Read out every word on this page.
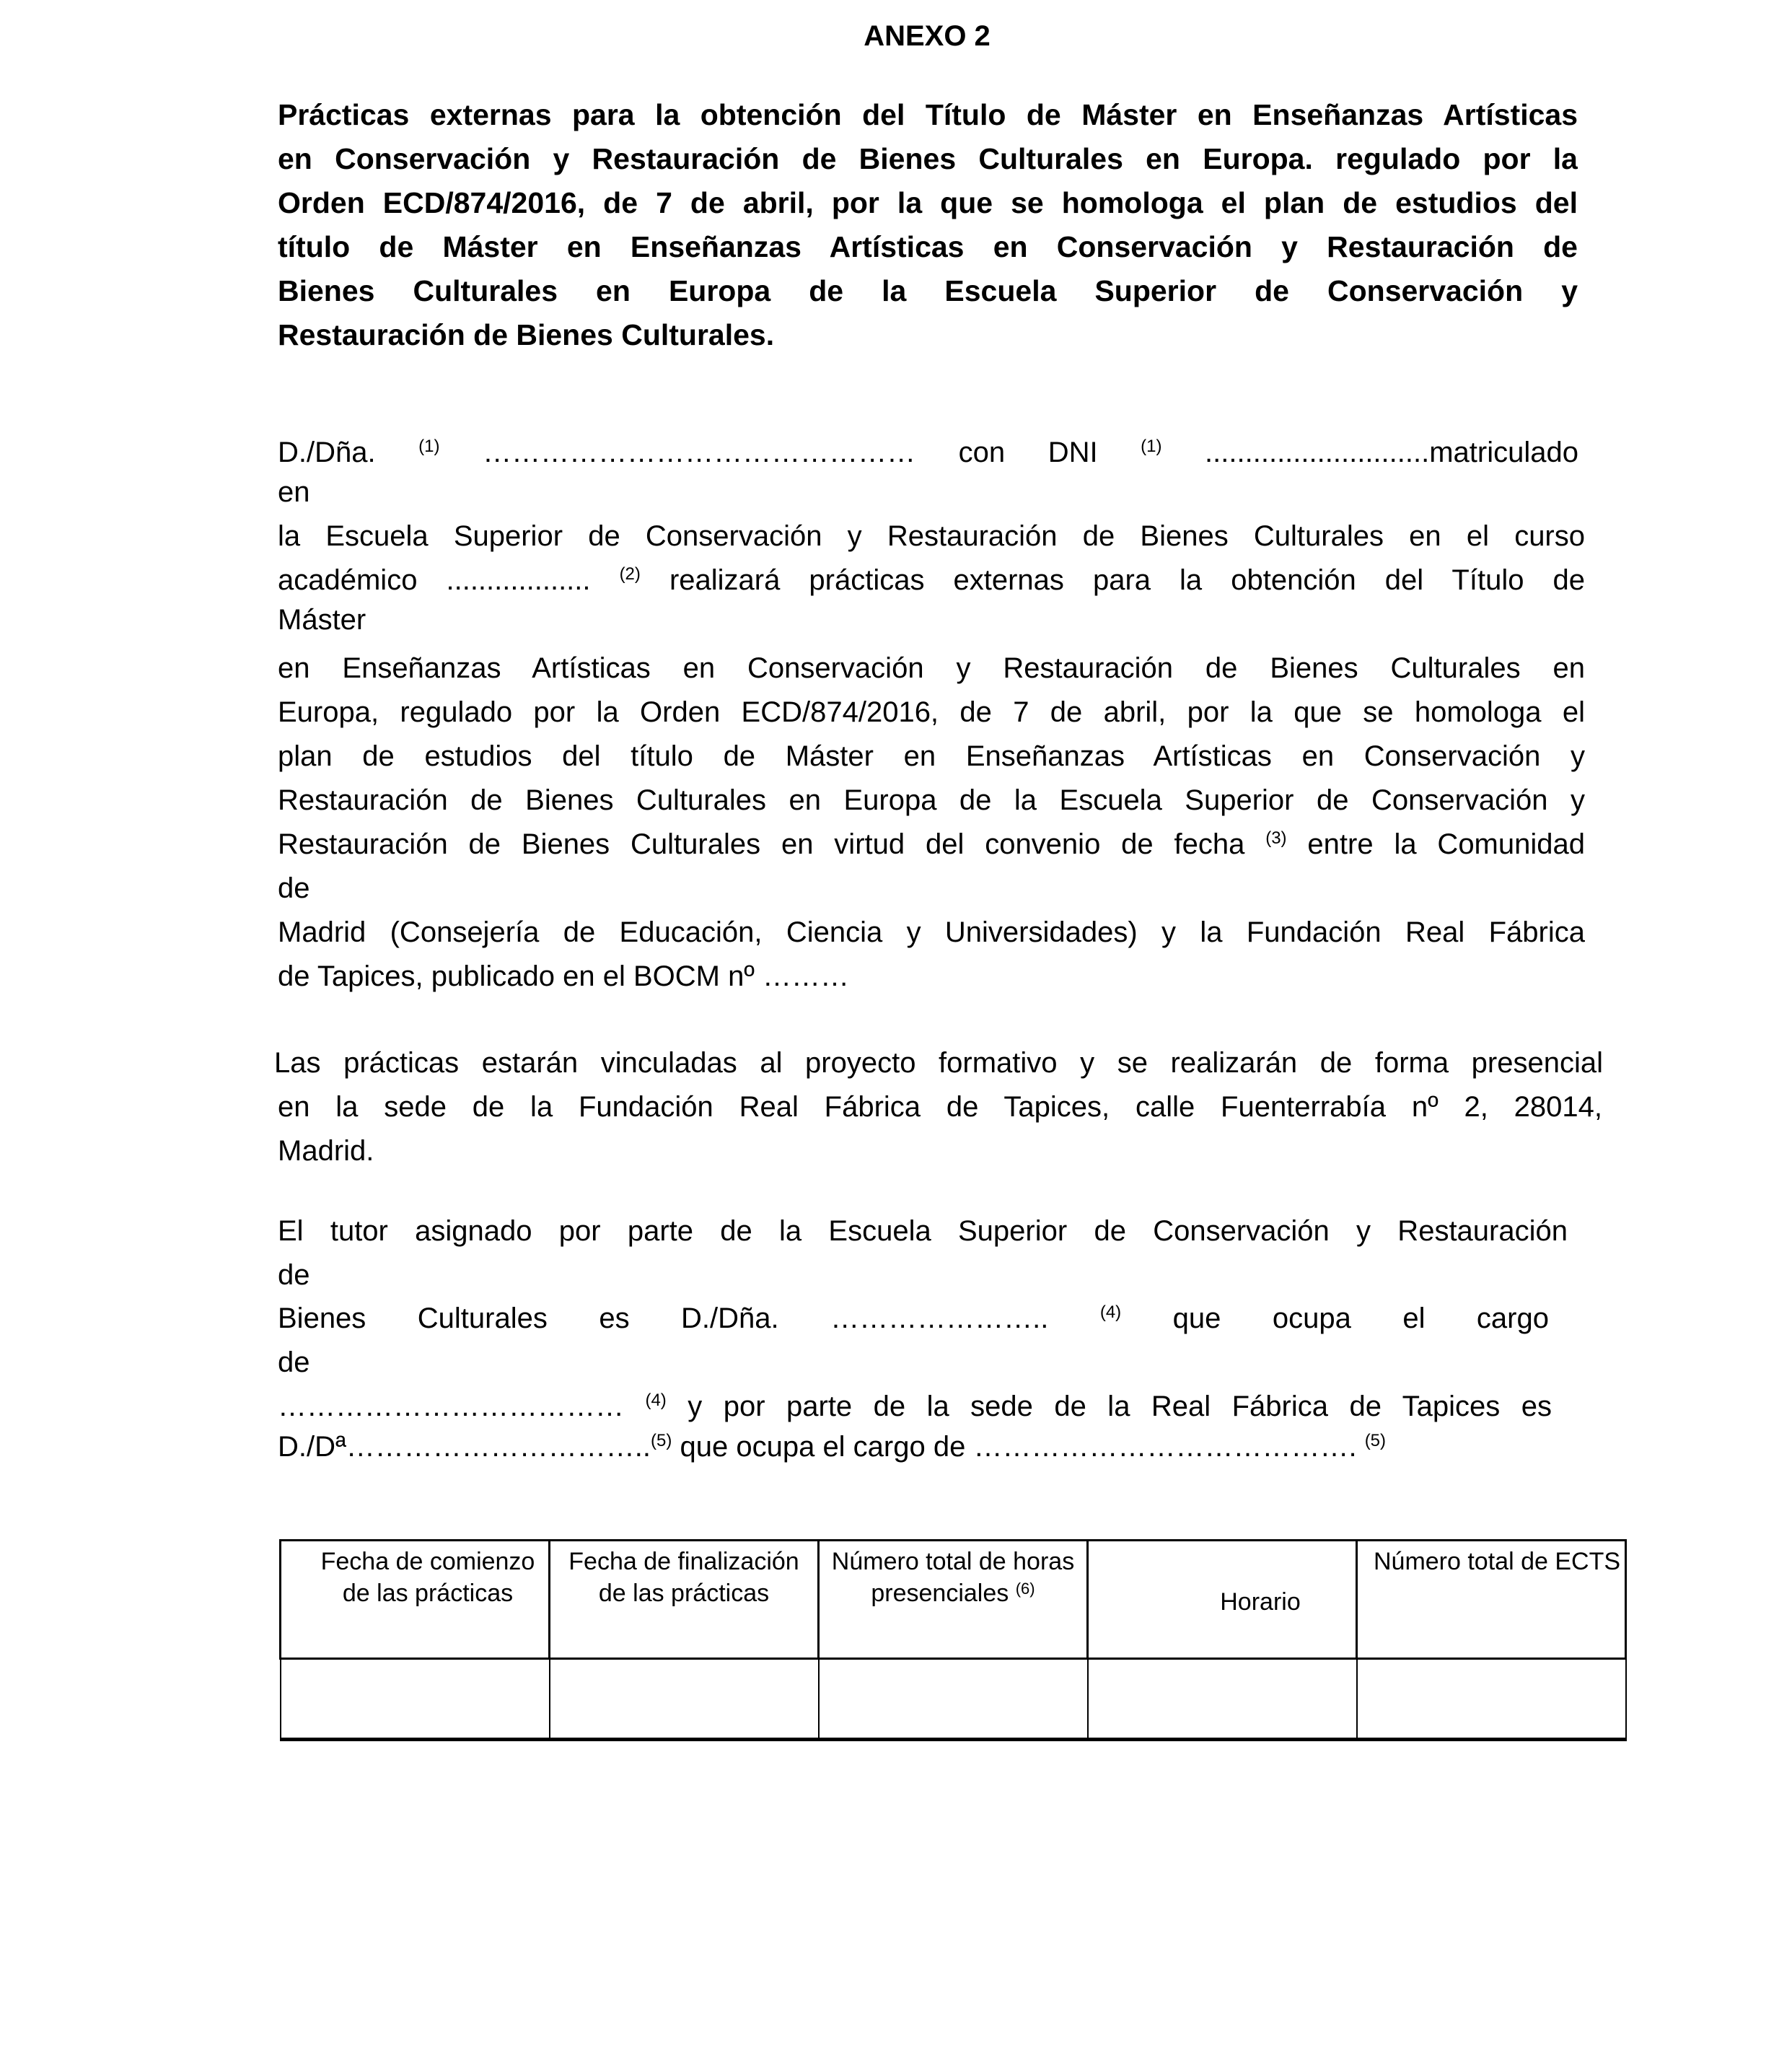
ANEXO 2
Prácticas externas para la obtención del Título de Máster en Enseñanzas Artísticas
en Conservación y Restauración de Bienes Culturales en Europa. regulado por la
Orden ECD/874/2016, de 7 de abril, por la que se homologa el plan de estudios del
título de Máster en Enseñanzas Artísticas en Conservación y Restauración de
Bienes Culturales en Europa de la Escuela Superior de Conservación y
Restauración de Bienes Culturales.
D./Dña. $^{(1)}$ ……………………………………… con DNI $^{(1)}$ ............................matriculado
en
la Escuela Superior de Conservación y Restauración de Bienes Culturales en el curso
académico .................. $^{(2)}$ realizará prácticas externas para la obtención del Título de
Máster
en Enseñanzas Artísticas en Conservación y Restauración de Bienes Culturales en
Europa, regulado por la Orden ECD/874/2016, de 7 de abril, por la que se homologa el
plan de estudios del título de Máster en Enseñanzas Artísticas en Conservación y
Restauración de Bienes Culturales en Europa de la Escuela Superior de Conservación y
Restauración de Bienes Culturales en virtud del convenio de fecha $^{(3)}$ entre la Comunidad
de
Madrid (Consejería de Educación, Ciencia y Universidades) y la Fundación Real Fábrica
de Tapices, publicado en el BOCM nº ………
Las prácticas estarán vinculadas al proyecto formativo y se realizarán de forma presencial
en la sede de la Fundación Real Fábrica de Tapices, calle Fuenterrabía nº 2, 28014,
Madrid.
El tutor asignado por parte de la Escuela Superior de Conservación y Restauración
de
Bienes Culturales es D./Dña. ………………….. $^{(4)}$ que ocupa el cargo
de
……………………………… $^{(4)}$ y por parte de la sede de la Real Fábrica de Tapices es
D./Dª…………………………..$^{(5)}$ que ocupa el cargo de …………………………………. $^{(5)}$
Fecha de comienzo de las prácticas	Fecha de finalización de las prácticas	Número total de horas presenciales $^{(6)}$	Horario	Número total de ECTS
